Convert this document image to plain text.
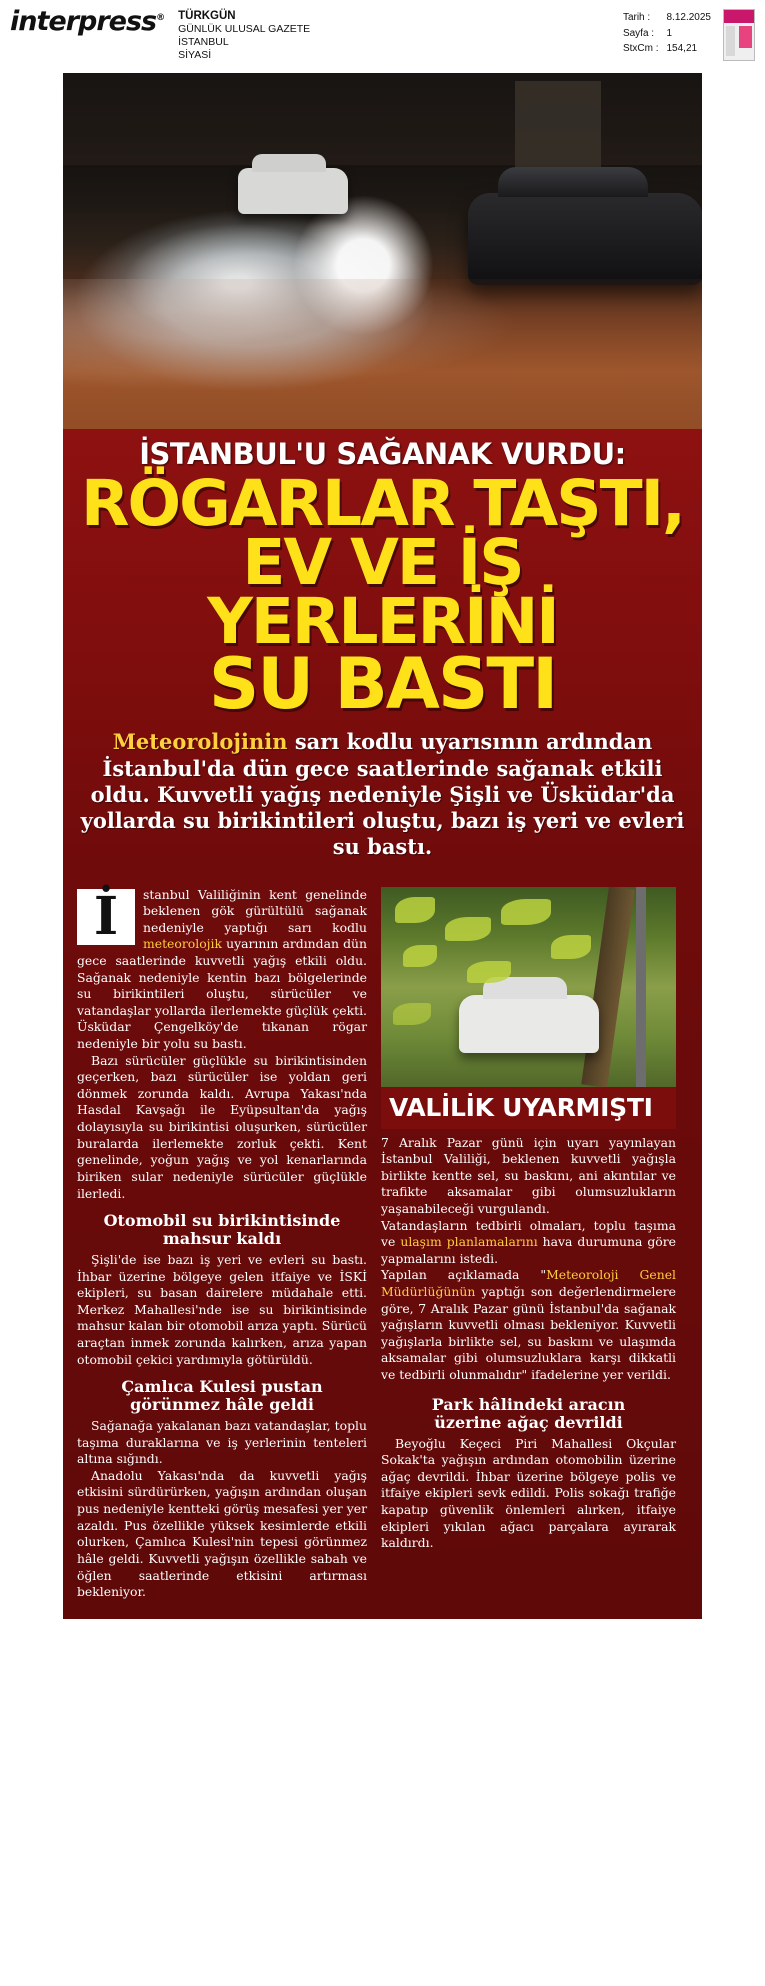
interpress® TÜRKGÜN
GÜNLÜK ULUSAL GAZETE
İSTANBUL
SİYASİ
Tarih :	8.12.2025
Sayfa :	1
StxCm :	154,21
İSTANBUL'U SAĞANAK VURDU:
RÖGARLAR TAŞTI,
EV VE İŞ YERLERİNİ
SU BASTI
Meteorolojinin sarı kodlu uyarısının ardından İstanbul'da dün gece saatlerinde sağanak etkili oldu. Kuvvetli yağış nedeniyle Şişli ve Üsküdar'da yollarda su birikintileri oluştu, bazı iş yeri ve evleri su bastı.
İ	stanbul Valiliğinin kent genelinde beklenen gök gürültülü sağanak nedeniyle yaptığı sarı kodlu meteorolojik uyarının ardından dün gece saatlerinde kuvvetli yağış etkili oldu. Sağanak nedeniyle kentin bazı bölgelerinde su birikintileri oluştu, sürücüler ve vatandaşlar yollarda ilerlemekte güçlük çekti. Üsküdar Çengelköy'de tıkanan rögar nedeniyle bir yolu su bastı.

Bazı sürücüler güçlükle su birikintisinden geçerken, bazı sürücüler ise yoldan geri dönmek zorunda kaldı. Avrupa Yakası'nda Hasdal Kavşağı ile Eyüpsultan'da yağış dolayısıyla su birikintisi oluşurken, sürücüler buralarda ilerlemekte zorluk çekti. Kent genelinde, yoğun yağış ve yol kenarlarında biriken sular nedeniyle sürücüler güçlükle ilerledi.

Otomobil su birikintisinde
mahsur kaldı

Şişli'de ise bazı iş yeri ve evleri su bastı. İhbar üzerine bölgeye gelen itfaiye ve İSKİ ekipleri, su basan dairelere müdahale etti. Merkez Mahallesi'nde ise su birikintisinde mahsur kalan bir otomobil arıza yaptı. Sürücü araçtan inmek zorunda kalırken, arıza yapan otomobil çekici yardımıyla götürüldü.

Çamlıca Kulesi pustan
görünmez hâle geldi

Sağanağa yakalanan bazı vatandaşlar, toplu taşıma duraklarına ve iş yerlerinin tenteleri altına sığındı.

Anadolu Yakası'nda da kuvvetli yağış etkisini sürdürürken, yağışın ardından oluşan pus nedeniyle kentteki görüş mesafesi yer yer azaldı. Pus özellikle yüksek kesimlerde etkili olurken, Çamlıca Kulesi'nin tepesi görünmez hâle geldi. Kuvvetli yağışın özellikle sabah ve öğlen saatlerinde etkisini artırması bekleniyor.

VALİLİK UYARMIŞTI

7 Aralık Pazar günü için uyarı yayınlayan İstanbul Valiliği, beklenen kuvvetli yağışla birlikte kentte sel, su baskını, ani akıntılar ve trafikte aksamalar gibi olumsuzlukların yaşanabileceği vurgulandı.

Vatandaşların tedbirli olmaları, toplu taşıma ve ulaşım planlamalarını hava durumuna göre yapmalarını istedi.

Yapılan açıklamada "Meteoroloji Genel Müdürlüğünün yaptığı son değerlendirmelere göre, 7 Aralık Pazar günü İstanbul'da sağanak yağışların kuvvetli olması bekleniyor. Kuvvetli yağışlarla birlikte sel, su baskını ve ulaşımda aksamalar gibi olumsuzluklara karşı dikkatli ve tedbirli olunmalıdır" ifadelerine yer verildi.

Park hâlindeki aracın
üzerine ağaç devrildi

Beyoğlu Keçeci Piri Mahallesi Okçular Sokak'ta yağışın ardından otomobilin üzerine ağaç devrildi. İhbar üzerine bölgeye polis ve itfaiye ekipleri sevk edildi. Polis sokağı trafiğe kapatıp güvenlik önlemleri alırken, itfaiye ekipleri yıkılan ağacı parçalara ayırarak kaldırdı.
